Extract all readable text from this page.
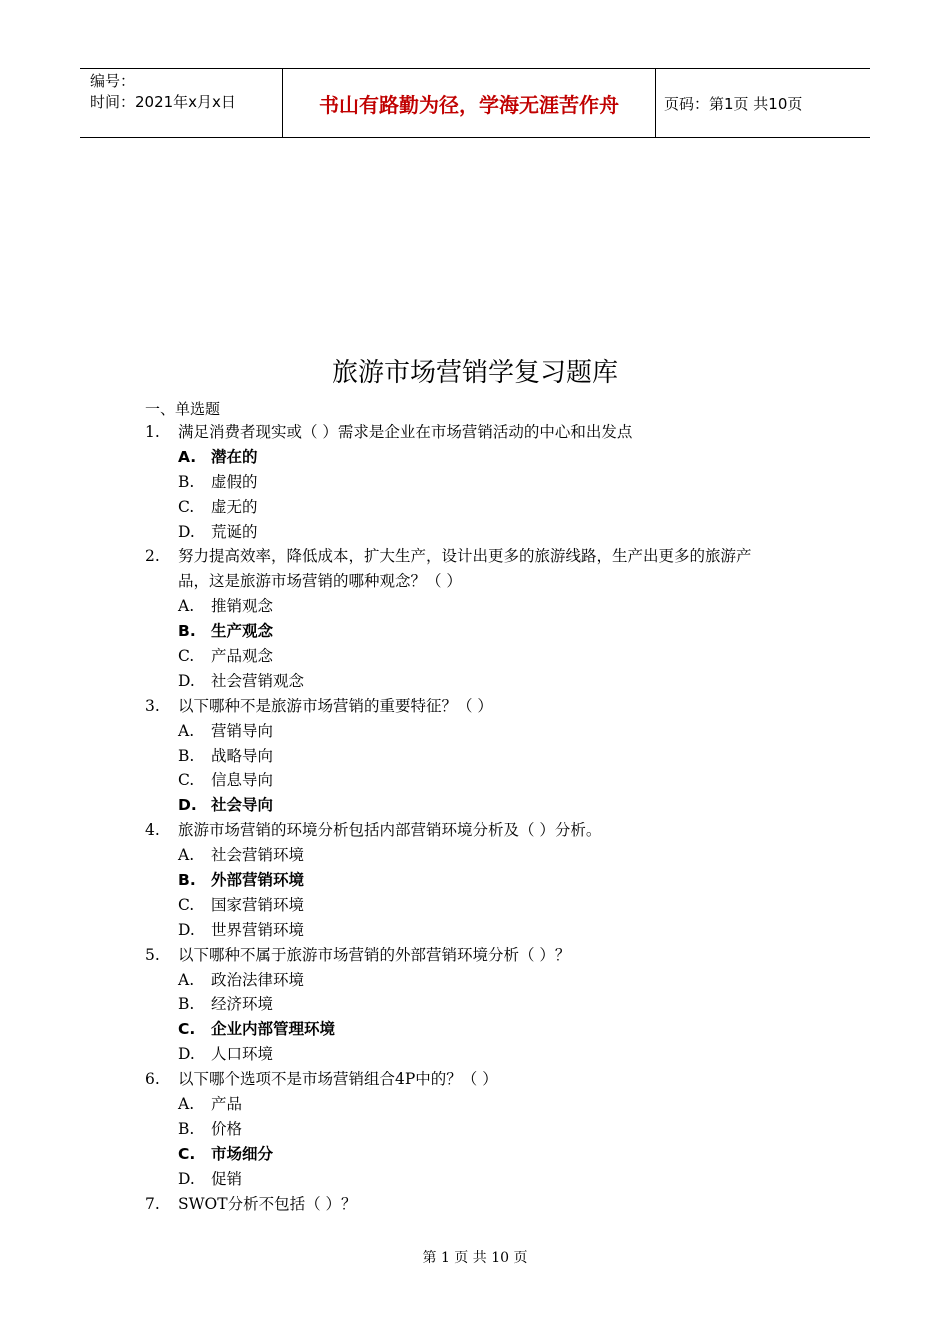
编号：
时间：2021年x月x日	书山有路勤为径，学海无涯苦作舟	页码：第1页 共10页
旅游市场营销学复习题库
一、单选题
1. 满足消费者现实或（ ）需求是企业在市场营销活动的中心和出发点
A. 潜在的
B. 虚假的
C. 虚无的
D. 荒诞的
2. 努力提高效率，降低成本，扩大生产，设计出更多的旅游线路，生产出更多的旅游产
品，这是旅游市场营销的哪种观念？（ ）
A. 推销观念
B. 生产观念
C. 产品观念
D. 社会营销观念
3. 以下哪种不是旅游市场营销的重要特征？（ ）
A. 营销导向
B. 战略导向
C. 信息导向
D. 社会导向
4. 旅游市场营销的环境分析包括内部营销环境分析及（ ）分析。
A. 社会营销环境
B. 外部营销环境
C. 国家营销环境
D. 世界营销环境
5. 以下哪种不属于旅游市场营销的外部营销环境分析（ ）？
A. 政治法律环境
B. 经济环境
C. 企业内部管理环境
D. 人口环境
6. 以下哪个选项不是市场营销组合4P中的？（ ）
A. 产品
B. 价格
C. 市场细分
D. 促销
7. SWOT分析不包括（ ）？
第 1 页 共 10 页
